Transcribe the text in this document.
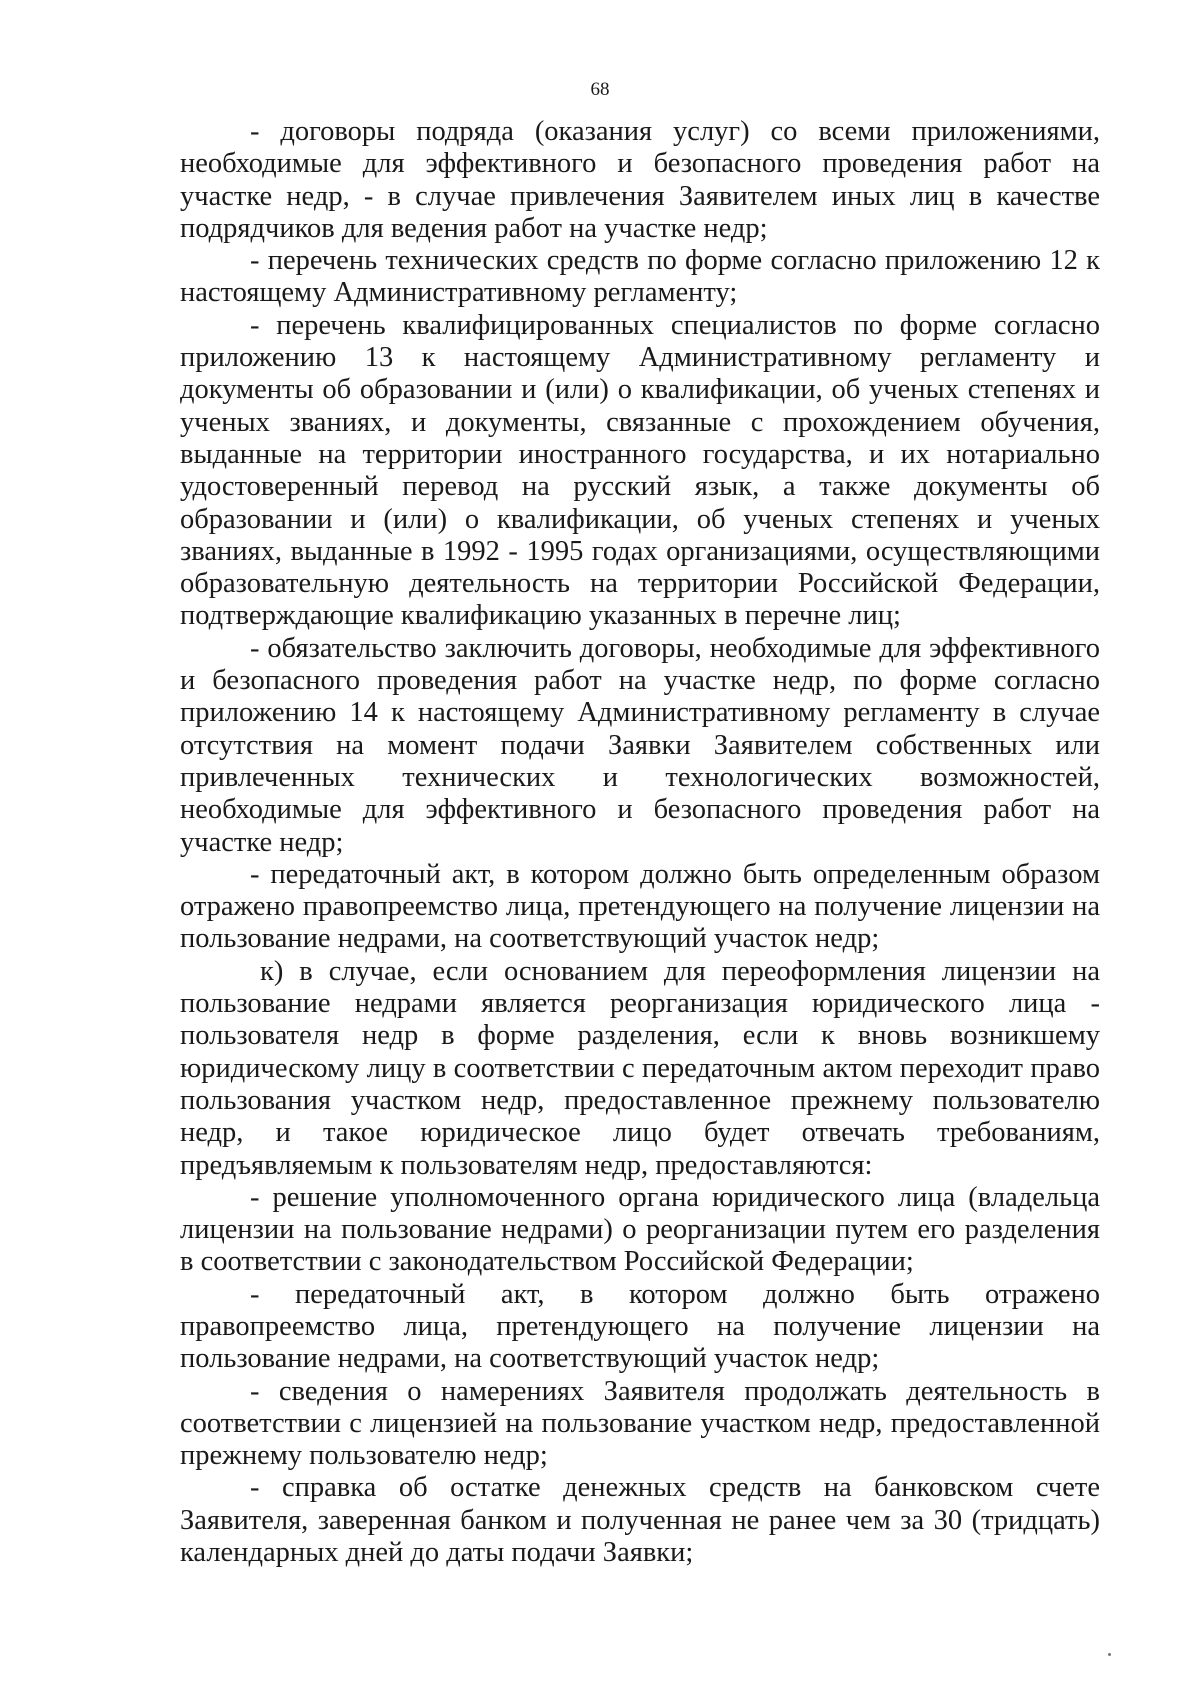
68

- договоры подряда (оказания услуг) со всеми приложениями, необходимые для эффективного и безопасного проведения работ на участке недр, - в случае привлечения Заявителем иных лиц в качестве подрядчиков для ведения работ на участке недр;

- перечень технических средств по форме согласно приложению 12 к настоящему Административному регламенту;

- перечень квалифицированных специалистов по форме согласно приложению 13 к настоящему Административному регламенту и документы об образовании и (или) о квалификации, об ученых степенях и ученых званиях, и документы, связанные с прохождением обучения, выданные на территории иностранного государства, и их нотариально удостоверенный перевод на русский язык, а также документы об образовании и (или) о квалификации, об ученых степенях и ученых званиях, выданные в 1992 - 1995 годах организациями, осуществляющими образовательную деятельность на территории Российской Федерации, подтверждающие квалификацию указанных в перечне лиц;

- обязательство заключить договоры, необходимые для эффективного и безопасного проведения работ на участке недр, по форме согласно приложению 14 к настоящему Административному регламенту в случае отсутствия на момент подачи Заявки Заявителем собственных или привлеченных технических и технологических возможностей, необходимые для эффективного и безопасного проведения работ на участке недр;

- передаточный акт, в котором должно быть определенным образом отражено правопреемство лица, претендующего на получение лицензии на пользование недрами, на соответствующий участок недр;

к) в случае, если основанием для переоформления лицензии на пользование недрами является реорганизация юридического лица - пользователя недр в форме разделения, если к вновь возникшему юридическому лицу в соответствии с передаточным актом переходит право пользования участком недр, предоставленное прежнему пользователю недр, и такое юридическое лицо будет отвечать требованиям, предъявляемым к пользователям недр, предоставляются:

- решение уполномоченного органа юридического лица (владельца лицензии на пользование недрами) о реорганизации путем его разделения в соответствии с законодательством Российской Федерации;

- передаточный акт, в котором должно быть отражено правопреемство лица, претендующего на получение лицензии на пользование недрами, на соответствующий участок недр;

- сведения о намерениях Заявителя продолжать деятельность в соответствии с лицензией на пользование участком недр, предоставленной прежнему пользователю недр;

- справка об остатке денежных средств на банковском счете Заявителя, заверенная банком и полученная не ранее чем за 30 (тридцать) календарных дней до даты подачи Заявки;
